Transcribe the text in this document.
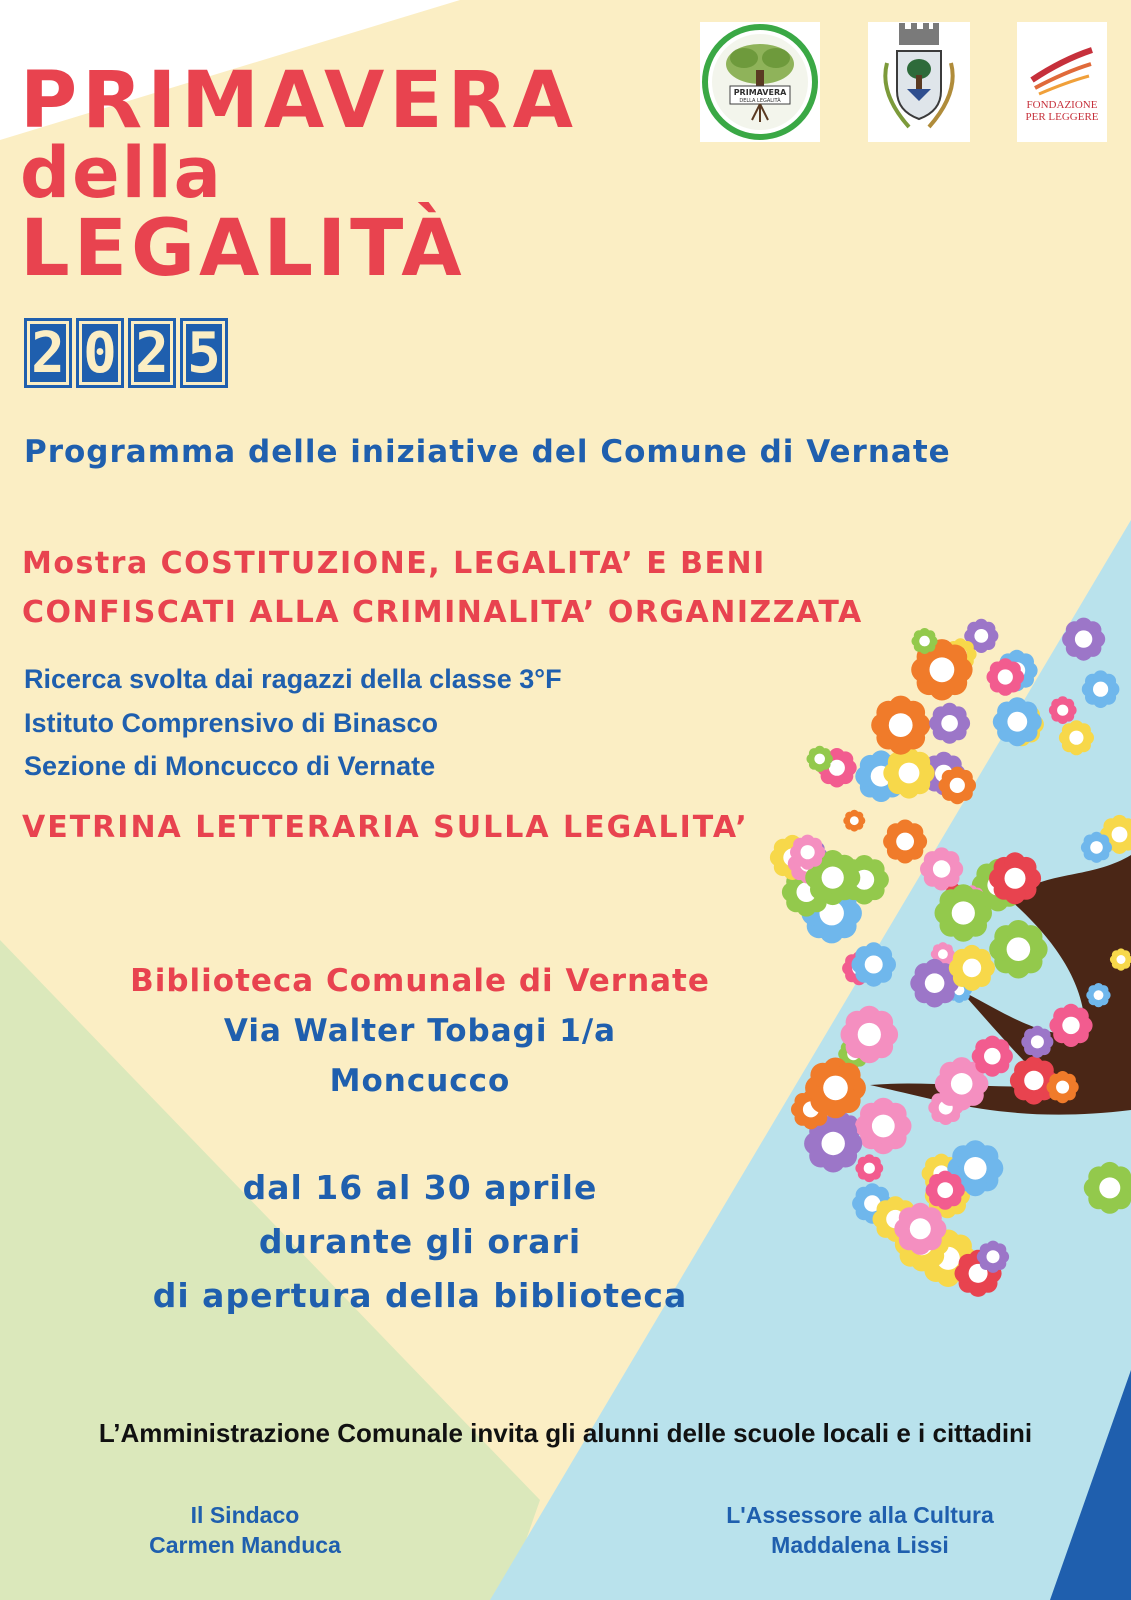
PRIMAVERA
della
LEGALITÀ
2 0 2 5
PRIMAVERA
DELLA LEGALITÀ	FONDAZIONE
PER LEGGERE

Programma delle iniziative del Comune di Vernate

Mostra COSTITUZIONE, LEGALITA’ E BENI

CONFISCATI ALLA CRIMINALITA’ ORGANIZZATA

Ricerca svolta dai ragazzi della classe 3°F

Istituto Comprensivo di Binasco

Sezione di Moncucco di Vernate

VETRINA LETTERARIA SULLA LEGALITA’

Biblioteca Comunale di Vernate

Via Walter Tobagi 1/a

Moncucco

dal 16 al 30 aprile

durante gli orari

di apertura della biblioteca

L’Amministrazione Comunale invita gli alunni delle scuole locali e i cittadini

Il Sindaco
Carmen Manduca
L'Assessore alla Cultura
Maddalena Lissi
